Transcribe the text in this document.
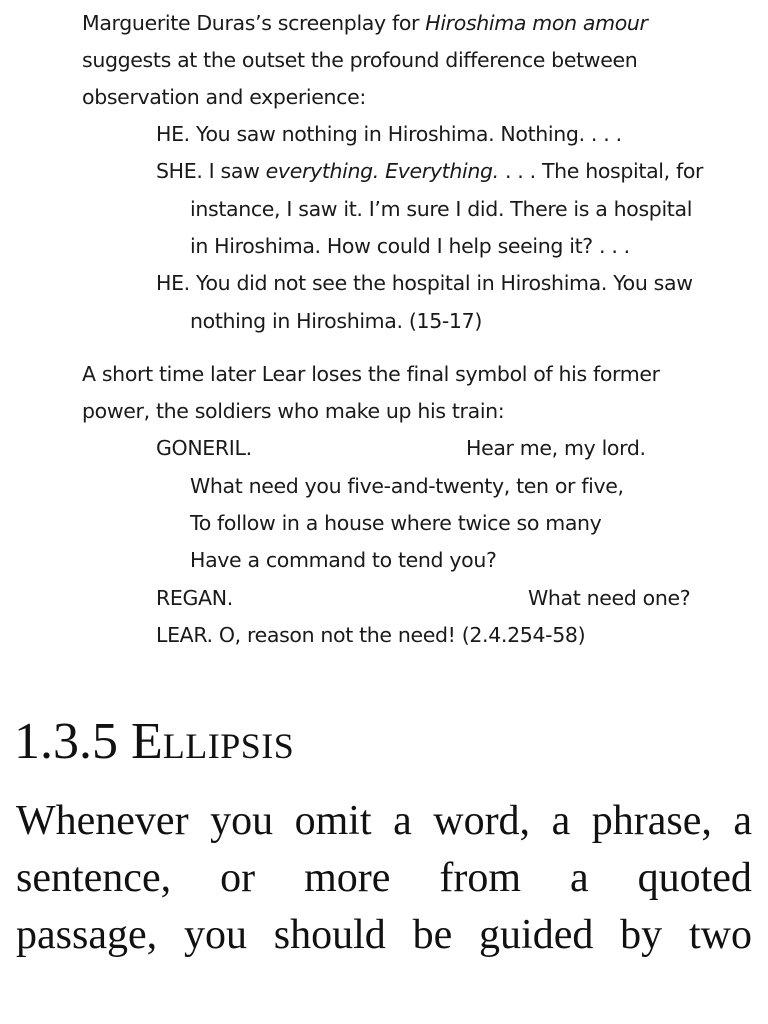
Marguerite Duras’s screenplay for Hiroshima mon amour
suggests at the outset the profound difference between
observation and experience:
HE. You saw nothing in Hiroshima. Nothing. . . .
SHE. I saw everything. Everything. . . . The hospital, for
instance, I saw it. I’m sure I did. There is a hospital
in Hiroshima. How could I help seeing it? . . .
HE. You did not see the hospital in Hiroshima. You saw
nothing in Hiroshima. (15-17)
A short time later Lear loses the final symbol of his former
power, the soldiers who make up his train:
GONERIL.	Hear me, my lord.
What need you five-and-twenty, ten or five,
To follow in a house where twice so many
Have a command to tend you?
REGAN.	What need one?
LEAR. O, reason not the need! (2.4.254-58)
1.3.5 ELLIPSIS
Whenever you omit a word, a phrase, a
sentence, or more from a quoted
passage, you should be guided by two
